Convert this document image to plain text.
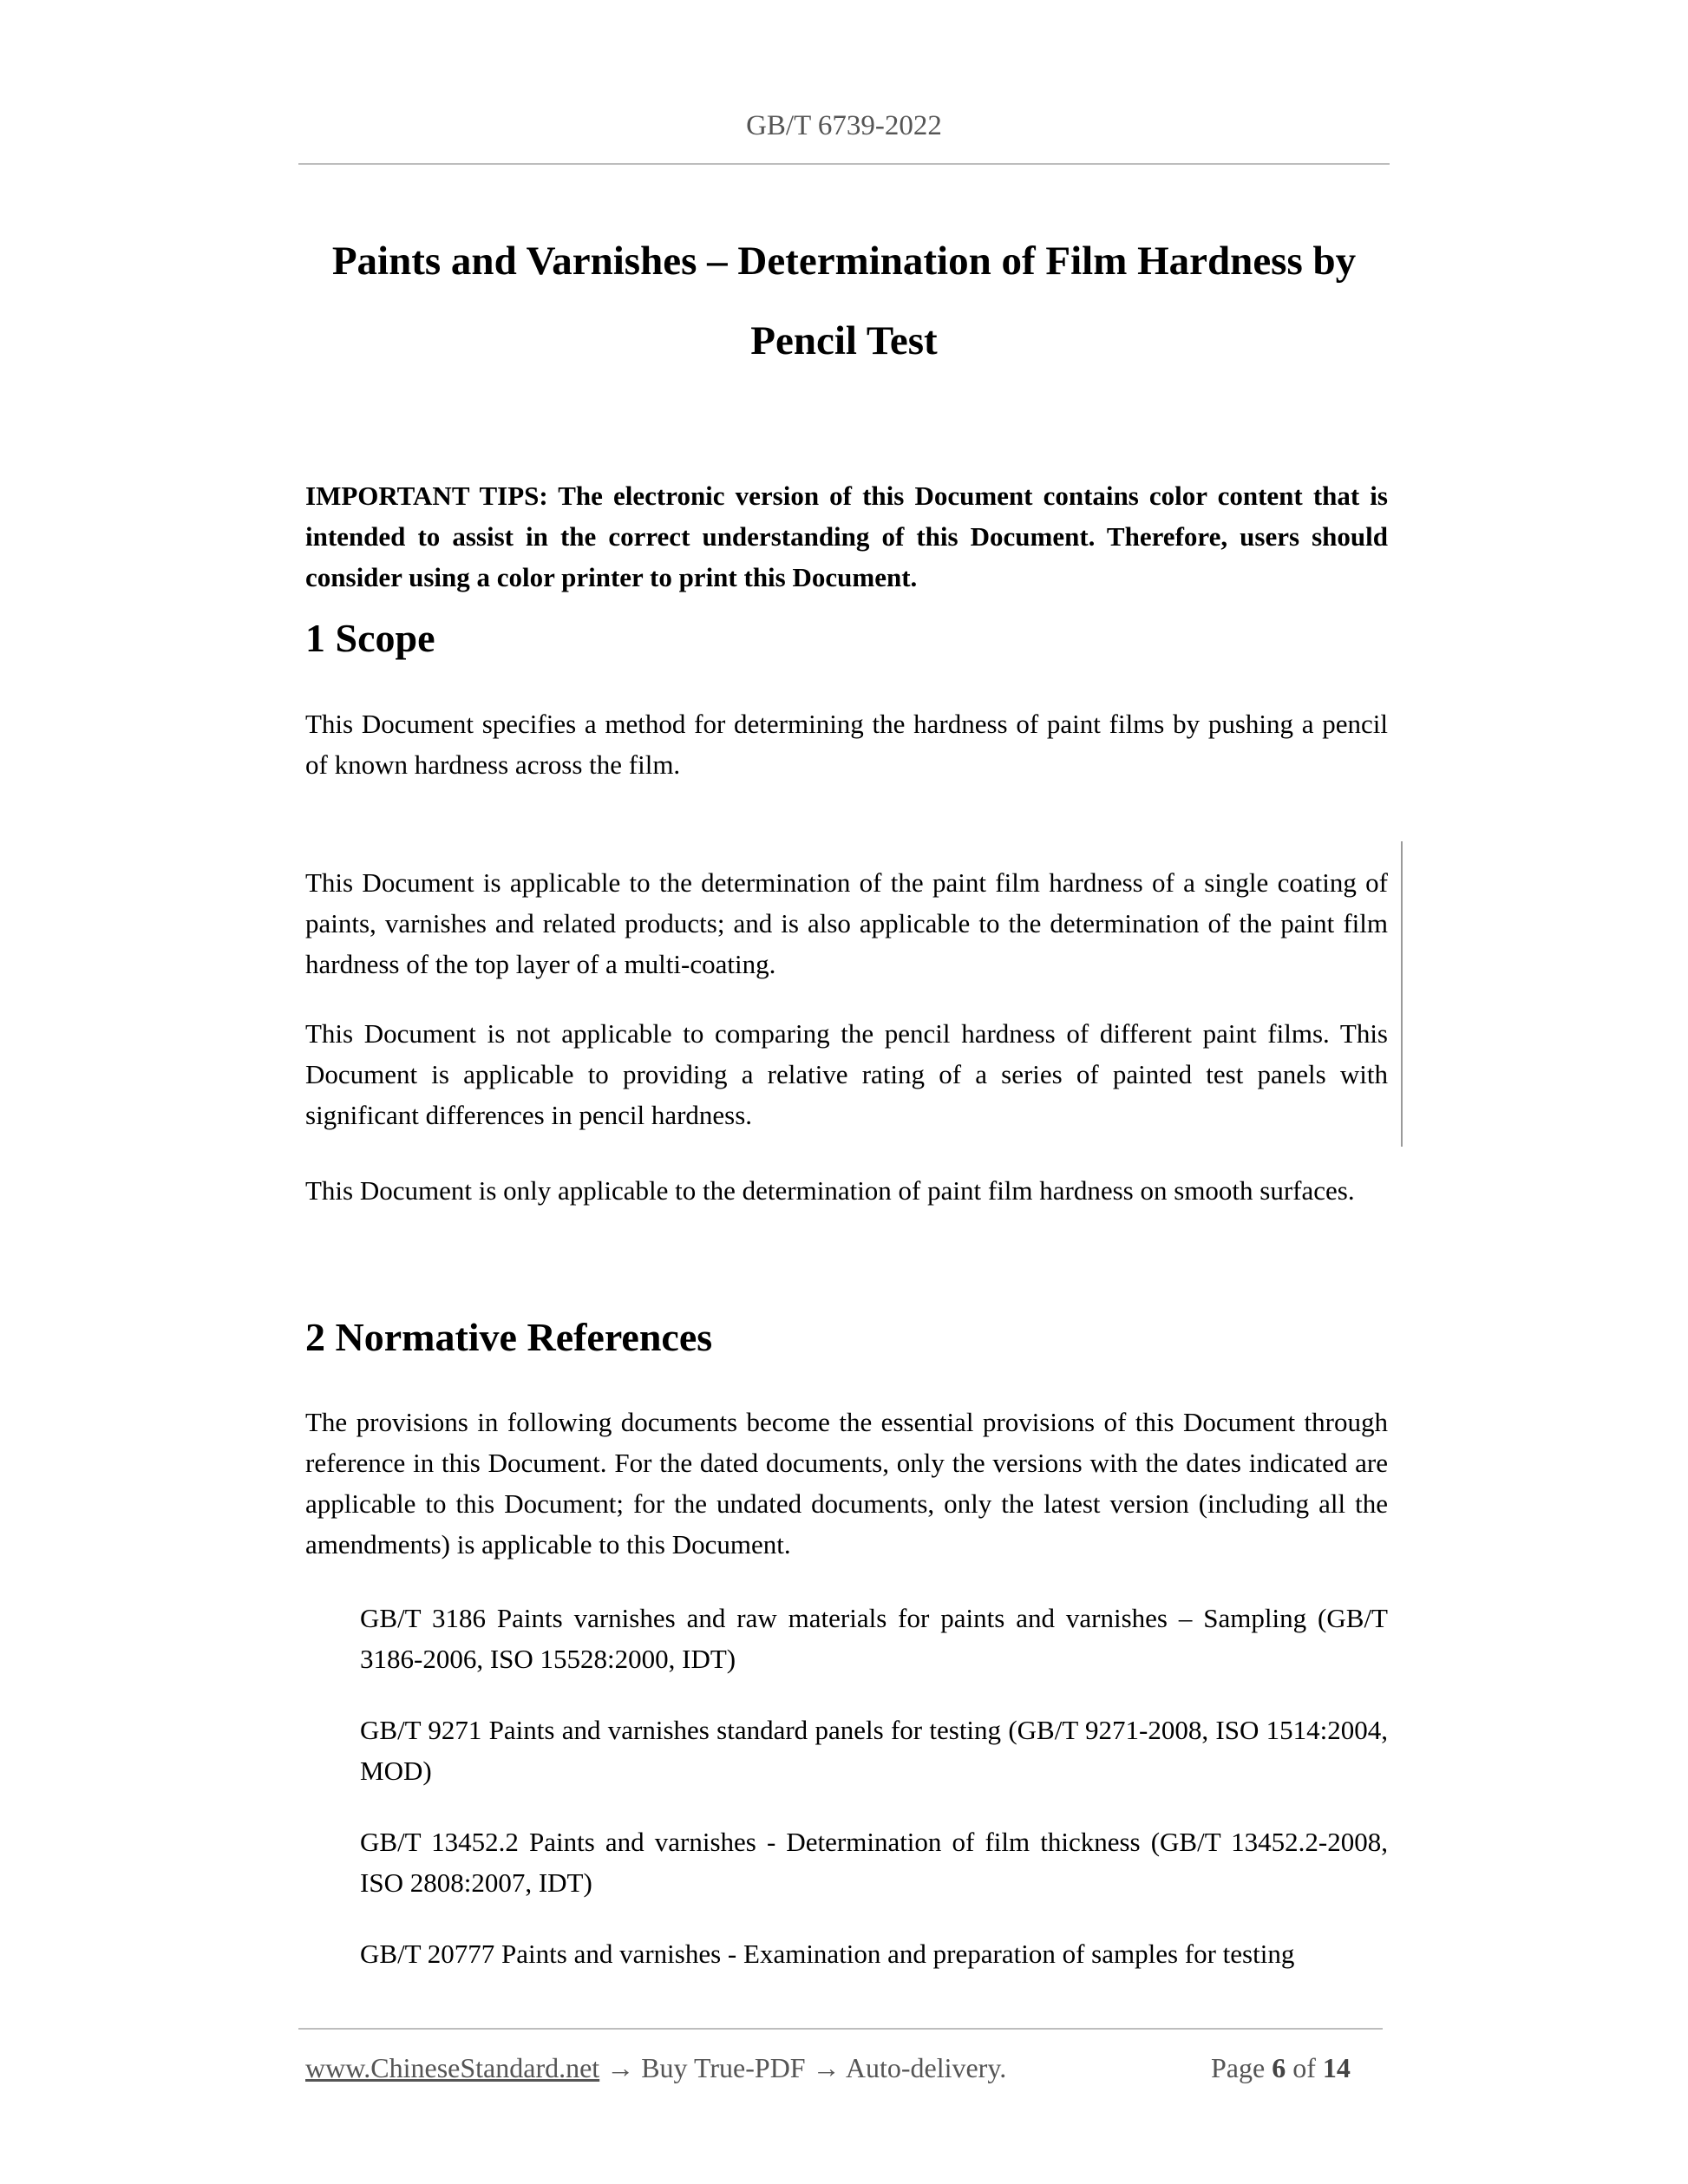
GB/T 6739-2022
Paints and Varnishes – Determination of Film Hardness by
Pencil Test

IMPORTANT TIPS: The electronic version of this Document contains color content that is intended to assist in the correct understanding of this Document. Therefore, users should consider using a color printer to print this Document.

1 Scope

This Document specifies a method for determining the hardness of paint films by pushing a pencil of known hardness across the film.

This Document is applicable to the determination of the paint film hardness of a single coating of paints, varnishes and related products; and is also applicable to the determination of the paint film hardness of the top layer of a multi-coating.

This Document is not applicable to comparing the pencil hardness of different paint films. This Document is applicable to providing a relative rating of a series of painted test panels with significant differences in pencil hardness.

This Document is only applicable to the determination of paint film hardness on smooth surfaces.

2 Normative References

The provisions in following documents become the essential provisions of this Document through reference in this Document. For the dated documents, only the versions with the dates indicated are applicable to this Document; for the undated documents, only the latest version (including all the amendments) is applicable to this Document.

GB/T 3186 Paints varnishes and raw materials for paints and varnishes – Sampling (GB/T 3186-2006, ISO 15528:2000, IDT)

GB/T 9271 Paints and varnishes standard panels for testing (GB/T 9271-2008, ISO 1514:2004, MOD)

GB/T 13452.2 Paints and varnishes - Determination of film thickness (GB/T 13452.2-2008, ISO 2808:2007, IDT)

GB/T 20777 Paints and varnishes - Examination and preparation of samples for testing

www.ChineseStandard.net → Buy True-PDF → Auto-delivery.	Page 6 of 14
